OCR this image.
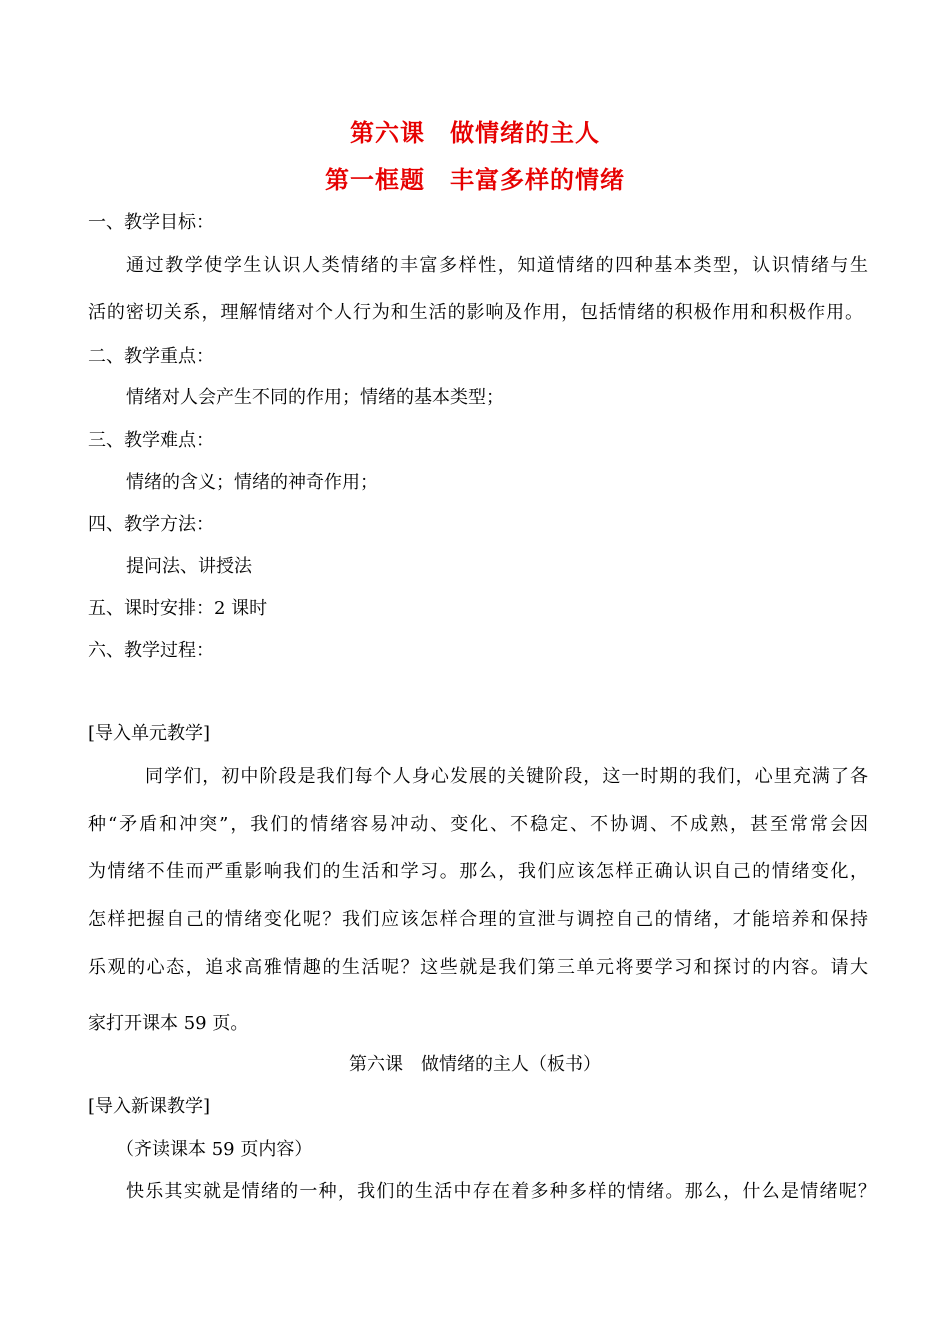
第六课　做情绪的主人
第一框题　丰富多样的情绪
一、教学目标：
通过教学使学生认识人类情绪的丰富多样性，知道情绪的四种基本类型，认识情绪与生
活的密切关系，理解情绪对个人行为和生活的影响及作用，包括情绪的积极作用和积极作用。
二、教学重点：
情绪对人会产生不同的作用；情绪的基本类型；
三、教学难点：
情绪的含义；情绪的神奇作用；
四、教学方法：
提问法、讲授法
五、课时安排：2 课时
六、教学过程：
[导入单元教学]
　同学们，初中阶段是我们每个人身心发展的关键阶段，这一时期的我们，心里充满了各
种“矛盾和冲突”，我们的情绪容易冲动、变化、不稳定、不协调、不成熟，甚至常常会因
为情绪不佳而严重影响我们的生活和学习。那么，我们应该怎样正确认识自己的情绪变化，
怎样把握自己的情绪变化呢？我们应该怎样合理的宣泄与调控自己的情绪，才能培养和保持
乐观的心态，追求高雅情趣的生活呢？这些就是我们第三单元将要学习和探讨的内容。请大
家打开课本 59 页。
第六课　做情绪的主人（板书）
[导入新课教学]
（齐读课本 59 页内容）
快乐其实就是情绪的一种，我们的生活中存在着多种多样的情绪。那么，什么是情绪呢？
